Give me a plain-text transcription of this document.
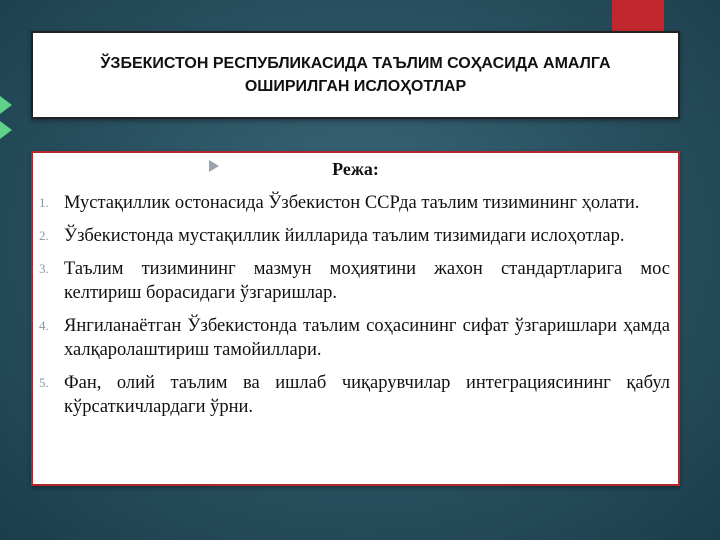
ЎЗБЕКИСТОН РЕСПУБЛИКАСИДА ТАЪЛИМ СОҲАСИДА АМАЛГА ОШИРИЛГАН ИСЛОҲОТЛАР
Режа:
1. Мустақиллик остонасида Ўзбекистон ССРда таълим тизимининг ҳолати.
2. Ўзбекистонда мустақиллик йилларида таълим тизимидаги ислоҳотлар.
3. Таълим тизимининг мазмун моҳиятини жахон стандартларига мос келтириш борасидаги ўзгаришлар.
4. Янгиланаётган Ўзбекистонда таълим соҳасининг сифат ўзгаришлари ҳамда халқаролаштириш тамойиллари.
5. Фан, олий таълим ва ишлаб чиқарувчилар интеграциясининг қабул кўрсаткичлардаги ўрни.
